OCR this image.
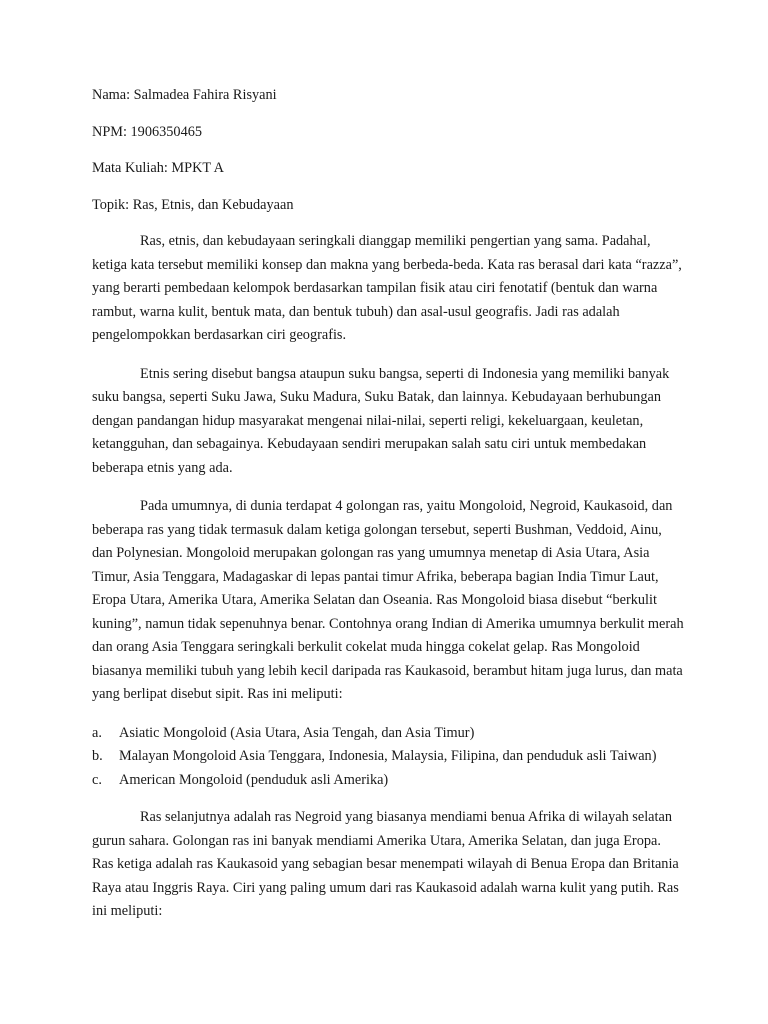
Nama: Salmadea Fahira Risyani

NPM: 1906350465

Mata Kuliah: MPKT A

Topik: Ras, Etnis, dan Kebudayaan

Ras, etnis, dan kebudayaan seringkali dianggap memiliki pengertian yang sama. Padahal, ketiga kata tersebut memiliki konsep dan makna yang berbeda-beda. Kata ras berasal dari kata “razza”, yang berarti pembedaan kelompok berdasarkan tampilan fisik atau ciri fenotatif (bentuk dan warna rambut, warna kulit, bentuk mata, dan bentuk tubuh) dan asal-usul geografis. Jadi ras adalah pengelompokkan berdasarkan ciri geografis.

Etnis sering disebut bangsa ataupun suku bangsa, seperti di Indonesia yang memiliki banyak suku bangsa, seperti Suku Jawa, Suku Madura, Suku Batak, dan lainnya. Kebudayaan berhubungan dengan pandangan hidup masyarakat mengenai nilai-nilai, seperti religi, kekeluargaan, keuletan, ketangguhan, dan sebagainya. Kebudayaan sendiri merupakan salah satu ciri untuk membedakan beberapa etnis yang ada.

Pada umumnya, di dunia terdapat 4 golongan ras, yaitu Mongoloid, Negroid, Kaukasoid, dan beberapa ras yang tidak termasuk dalam ketiga golongan tersebut, seperti Bushman, Veddoid, Ainu, dan Polynesian. Mongoloid merupakan golongan ras yang umumnya menetap di Asia Utara, Asia Timur, Asia Tenggara, Madagaskar di lepas pantai timur Afrika, beberapa bagian India Timur Laut, Eropa Utara, Amerika Utara, Amerika Selatan dan Oseania. Ras Mongoloid biasa disebut “berkulit kuning”, namun tidak sepenuhnya benar. Contohnya orang Indian di Amerika umumnya berkulit merah dan orang Asia Tenggara seringkali berkulit cokelat muda hingga cokelat gelap. Ras Mongoloid biasanya memiliki tubuh yang lebih kecil daripada ras Kaukasoid, berambut hitam juga lurus, dan mata yang berlipat disebut sipit. Ras ini meliputi:

a. Asiatic Mongoloid (Asia Utara, Asia Tengah, dan Asia Timur)
b. Malayan Mongoloid Asia Tenggara, Indonesia, Malaysia, Filipina, dan penduduk asli Taiwan)
c. American Mongoloid (penduduk asli Amerika)

Ras selanjutnya adalah ras Negroid yang biasanya mendiami benua Afrika di wilayah selatan gurun sahara. Golongan ras ini banyak mendiami Amerika Utara, Amerika Selatan, dan juga Eropa. Ras ketiga adalah ras Kaukasoid yang sebagian besar menempati wilayah di Benua Eropa dan Britania Raya atau Inggris Raya. Ciri yang paling umum dari ras Kaukasoid adalah warna kulit yang putih. Ras ini meliputi:
